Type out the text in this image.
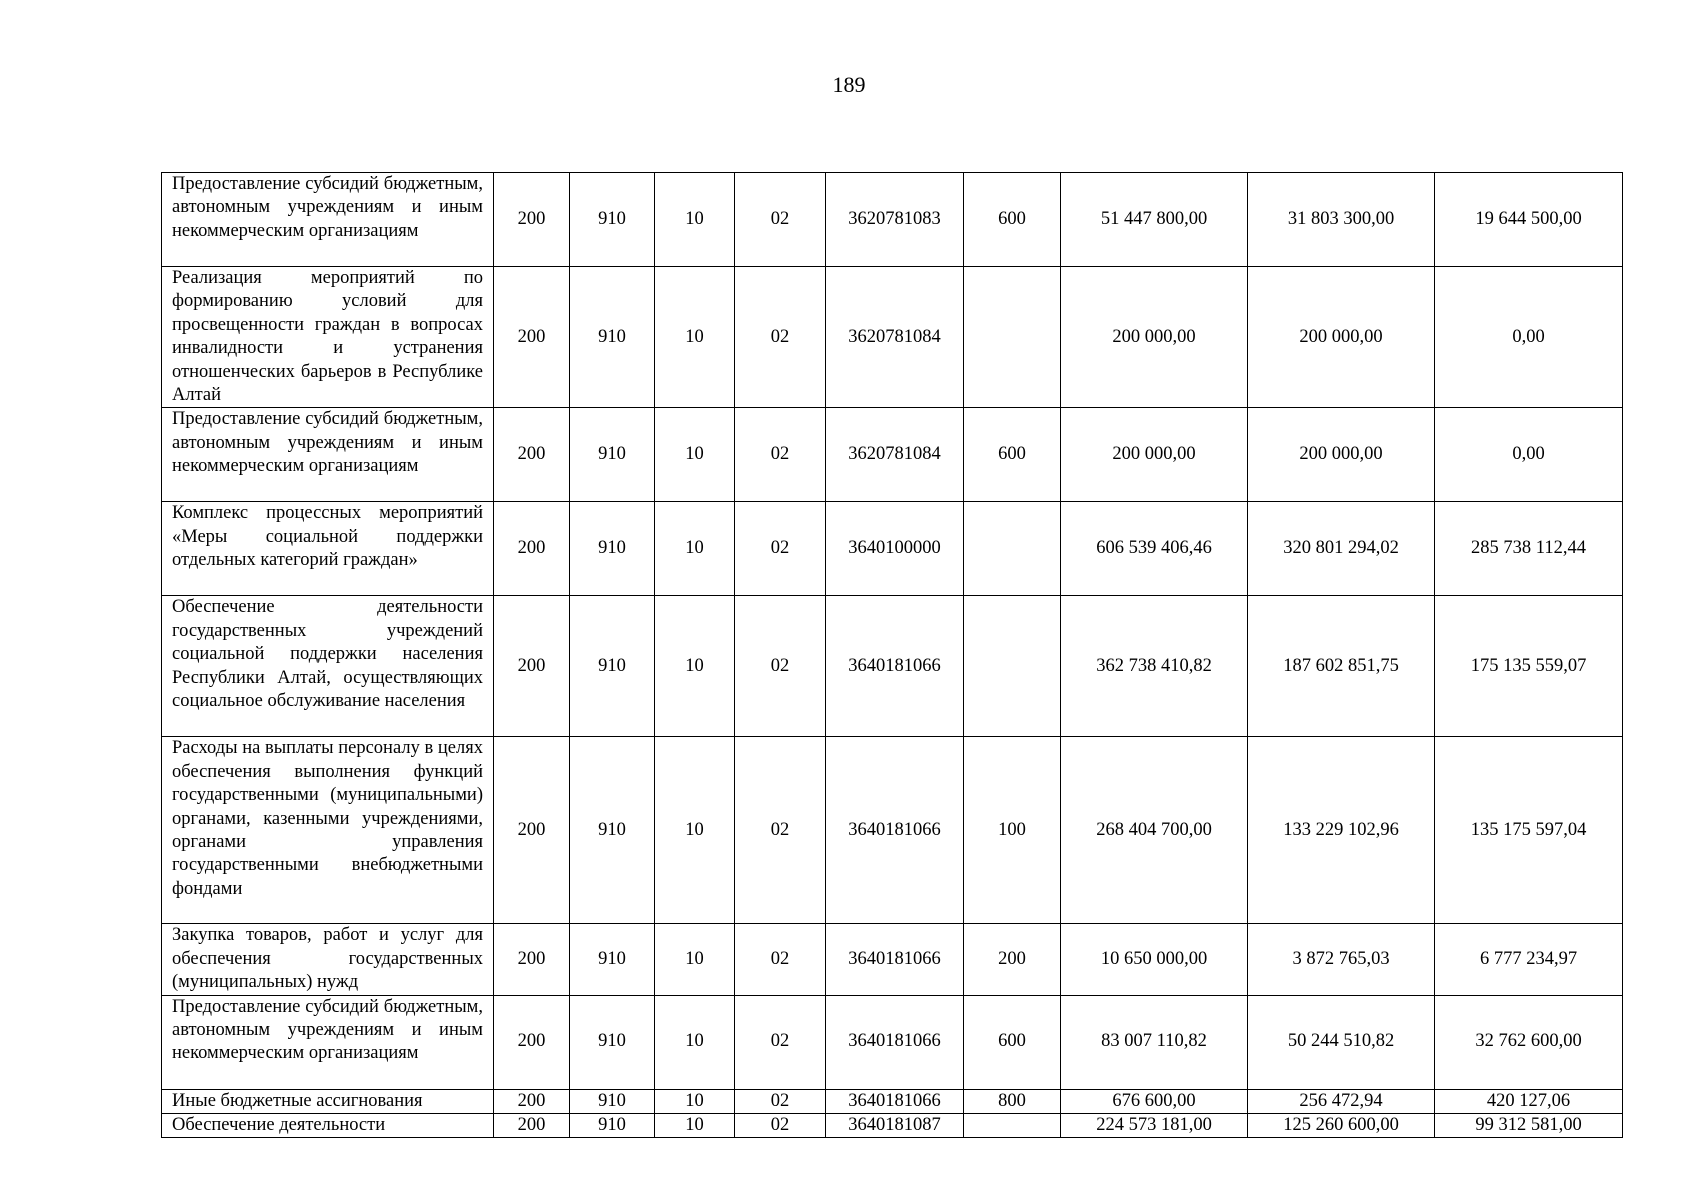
189
Предоставление субсидий бюджетным, автономным учреждениям и иным некоммерческим организациям	200	910	10	02	3620781083	600	51 447 800,00	31 803 300,00	19 644 500,00
Реализация мероприятий по формированию условий для просвещенности граждан в вопросах инвалидности и устранения отношенческих барьеров в Республике Алтай	200	910	10	02	3620781084		200 000,00	200 000,00	0,00
Предоставление субсидий бюджетным, автономным учреждениям и иным некоммерческим организациям	200	910	10	02	3620781084	600	200 000,00	200 000,00	0,00
Комплекс процессных мероприятий «Меры социальной поддержки отдельных категорий граждан»	200	910	10	02	3640100000		606 539 406,46	320 801 294,02	285 738 112,44
Обеспечение деятельности государственных учреждений социальной поддержки населения Республики Алтай, осуществляющих социальное обслуживание населения	200	910	10	02	3640181066		362 738 410,82	187 602 851,75	175 135 559,07
Расходы на выплаты персоналу в целях обеспечения выполнения функций государственными (муниципальными) органами, казенными учреждениями, органами управления государственными внебюджетными фондами	200	910	10	02	3640181066	100	268 404 700,00	133 229 102,96	135 175 597,04
Закупка товаров, работ и услуг для обеспечения государственных (муниципальных) нужд	200	910	10	02	3640181066	200	10 650 000,00	3 872 765,03	6 777 234,97
Предоставление субсидий бюджетным, автономным учреждениям и иным некоммерческим организациям	200	910	10	02	3640181066	600	83 007 110,82	50 244 510,82	32 762 600,00
Иные бюджетные ассигнования	200	910	10	02	3640181066	800	676 600,00	256 472,94	420 127,06
Обеспечение деятельности	200	910	10	02	3640181087		224 573 181,00	125 260 600,00	99 312 581,00
